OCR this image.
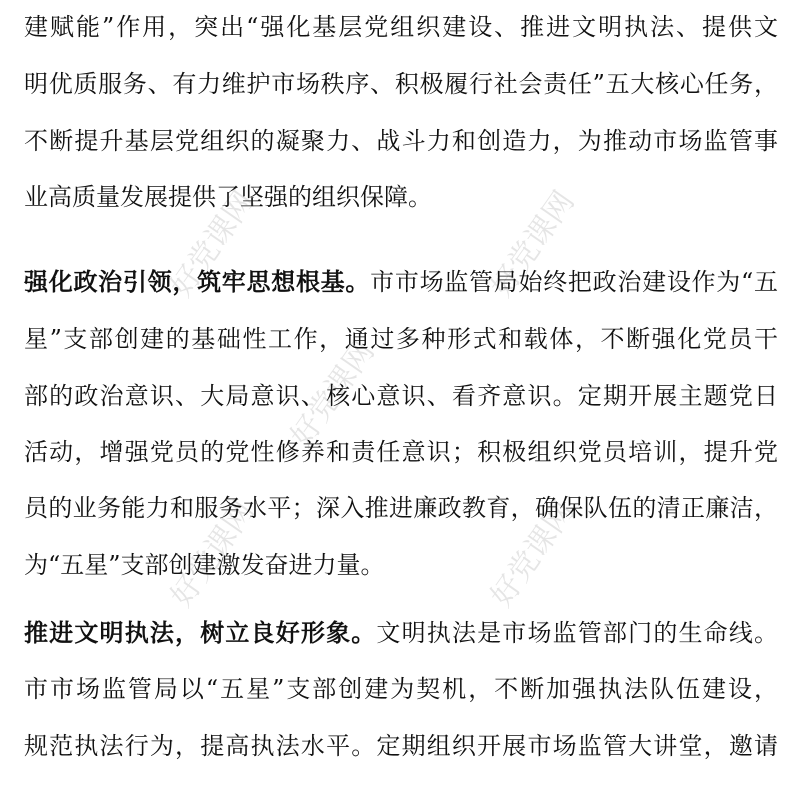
好党课网	好党课网
好党课网
好党课网	好党课网
建赋能”作用，突出“强化基层党组织建设、推进文明执法、提供文
明优质服务、有力维护市场秩序、积极履行社会责任”五大核心任务，
不断提升基层党组织的凝聚力、战斗力和创造力，为推动市场监管事
业高质量发展提供了坚强的组织保障。
强化政治引领，筑牢思想根基。市市场监管局始终把政治建设作为“五
星”支部创建的基础性工作，通过多种形式和载体，不断强化党员干
部的政治意识、大局意识、核心意识、看齐意识。定期开展主题党日
活动，增强党员的党性修养和责任意识；积极组织党员培训，提升党
员的业务能力和服务水平；深入推进廉政教育，确保队伍的清正廉洁，
为“五星”支部创建激发奋进力量。
推进文明执法，树立良好形象。文明执法是市场监管部门的生命线。
市市场监管局以“五星”支部创建为契机，不断加强执法队伍建设，
规范执法行为，提高执法水平。定期组织开展市场监管大讲堂，邀请
